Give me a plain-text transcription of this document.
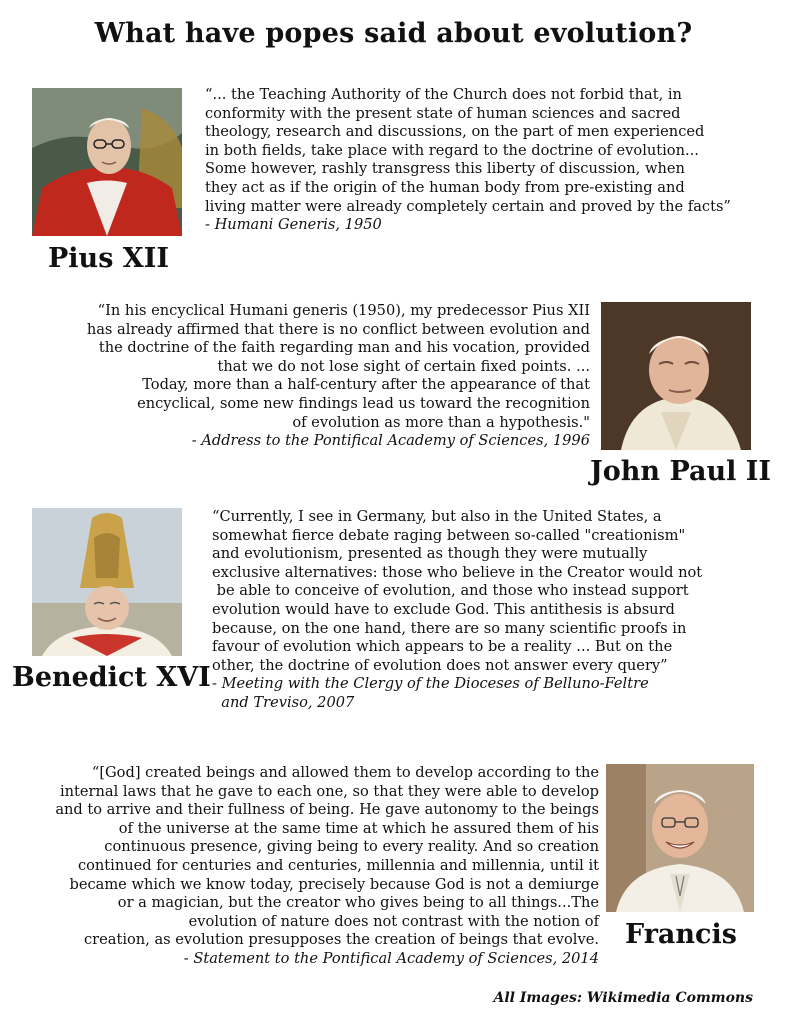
What have popes said about evolution?
Pius XII
“... the Teaching Authority of the Church does not forbid that, in
conformity with the present state of human sciences and sacred
theology, research and discussions, on the part of men experienced
in both fields, take place with regard to the doctrine of evolution...
Some however, rashly transgress this liberty of discussion, when
they act as if the origin of the human body from pre-existing and
living matter were already completely certain and proved by the facts”
- Humani Generis, 1950
“In his encyclical Humani generis (1950), my predecessor Pius XII
has already affirmed that there is no conflict between evolution and
the doctrine of the faith regarding man and his vocation, provided
that we do not lose sight of certain fixed points. ...
Today, more than a half-century after the appearance of that
encyclical, some new findings lead us toward the recognition
of evolution as more than a hypothesis."
- Address to the Pontifical Academy of Sciences, 1996
John Paul II
Benedict XVI
“Currently, I see in Germany, but also in the United States, a
somewhat fierce debate raging between so-called "creationism"
and evolutionism, presented as though they were mutually
exclusive alternatives: those who believe in the Creator would not
be able to conceive of evolution, and those who instead support
evolution would have to exclude God. This antithesis is absurd
because, on the one hand, there are so many scientific proofs in
favour of evolution which appears to be a reality ... But on the
other, the doctrine of evolution does not answer every query”
- Meeting with the Clergy of the Dioceses of Belluno-Feltre
and Treviso, 2007
“[God] created beings and allowed them to develop according to the
internal laws that he gave to each one, so that they were able to develop
and to arrive and their fullness of being. He gave autonomy to the beings
of the universe at the same time at which he assured them of his
continuous presence, giving being to every reality. And so creation
continued for centuries and centuries, millennia and millennia, until it
became which we know today, precisely because God is not a demiurge
or a magician, but the creator who gives being to all things...The
evolution of nature does not contrast with the notion of
creation, as evolution presupposes the creation of beings that evolve.
- Statement to the Pontifical Academy of Sciences, 2014
Francis
All Images: Wikimedia Commons
